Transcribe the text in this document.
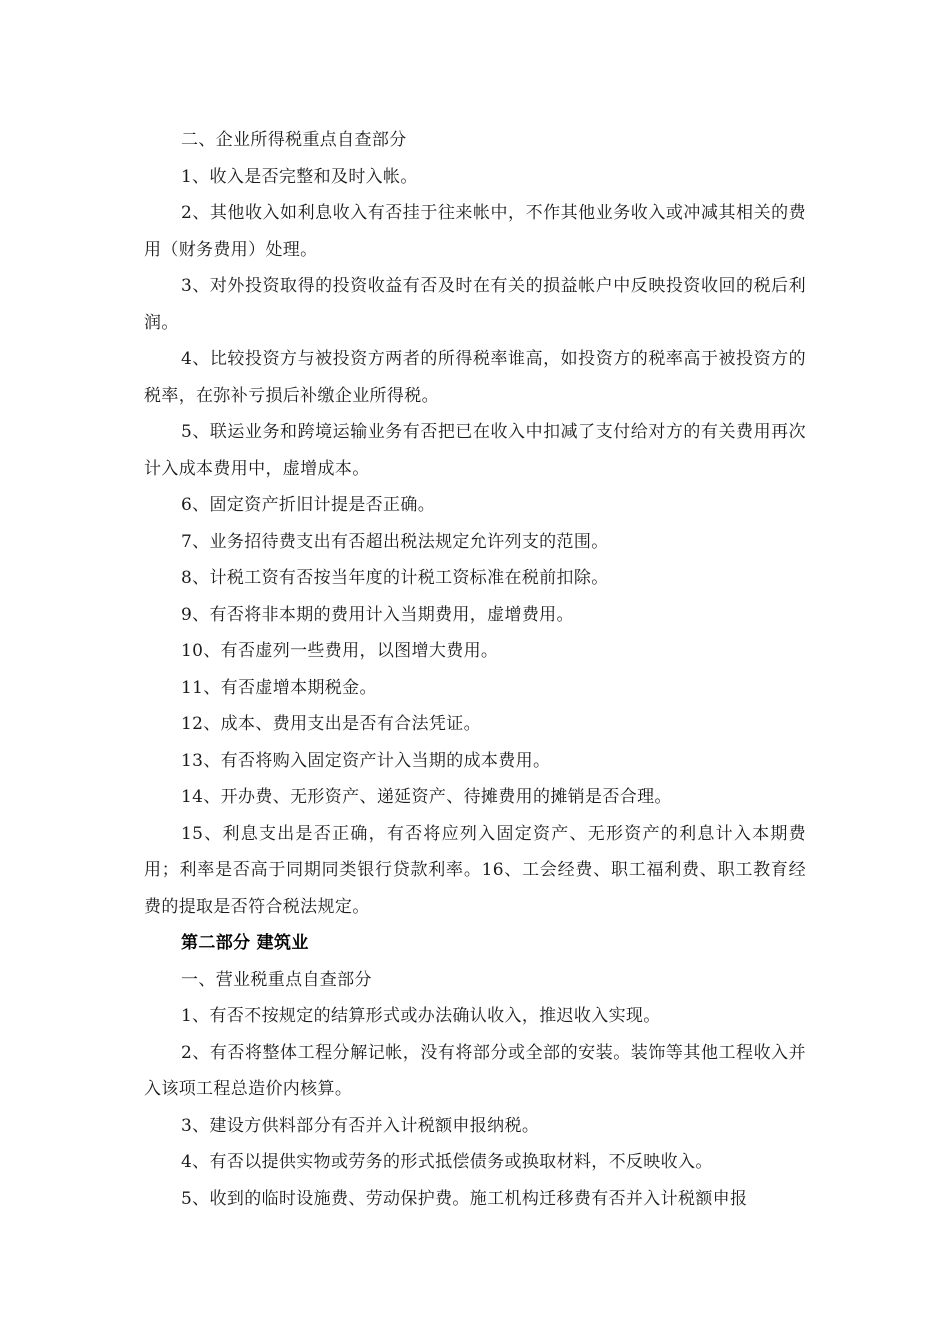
二、企业所得税重点自查部分

1、收入是否完整和及时入帐。

2、其他收入如利息收入有否挂于往来帐中，不作其他业务收入或冲减其相关的费用（财务费用）处理。

3、对外投资取得的投资收益有否及时在有关的损益帐户中反映投资收回的税后利润。

4、比较投资方与被投资方两者的所得税率谁高，如投资方的税率高于被投资方的税率，在弥补亏损后补缴企业所得税。

5、联运业务和跨境运输业务有否把已在收入中扣减了支付给对方的有关费用再次计入成本费用中，虚增成本。

6、固定资产折旧计提是否正确。

7、业务招待费支出有否超出税法规定允许列支的范围。

8、计税工资有否按当年度的计税工资标准在税前扣除。

9、有否将非本期的费用计入当期费用，虚增费用。

10、有否虚列一些费用，以图增大费用。

11、有否虚增本期税金。

12、成本、费用支出是否有合法凭证。

13、有否将购入固定资产计入当期的成本费用。

14、开办费、无形资产、递延资产、待摊费用的摊销是否合理。

15、利息支出是否正确，有否将应列入固定资产、无形资产的利息计入本期费用；利率是否高于同期同类银行贷款利率。16、工会经费、职工福利费、职工教育经费的提取是否符合税法规定。

第二部分 建筑业

一、营业税重点自查部分

1、有否不按规定的结算形式或办法确认收入，推迟收入实现。

2、有否将整体工程分解记帐，没有将部分或全部的安装。装饰等其他工程收入并入该项工程总造价内核算。

3、建设方供料部分有否并入计税额申报纳税。

4、有否以提供实物或劳务的形式抵偿债务或换取材料，不反映收入。

5、收到的临时设施费、劳动保护费。施工机构迁移费有否并入计税额申报
